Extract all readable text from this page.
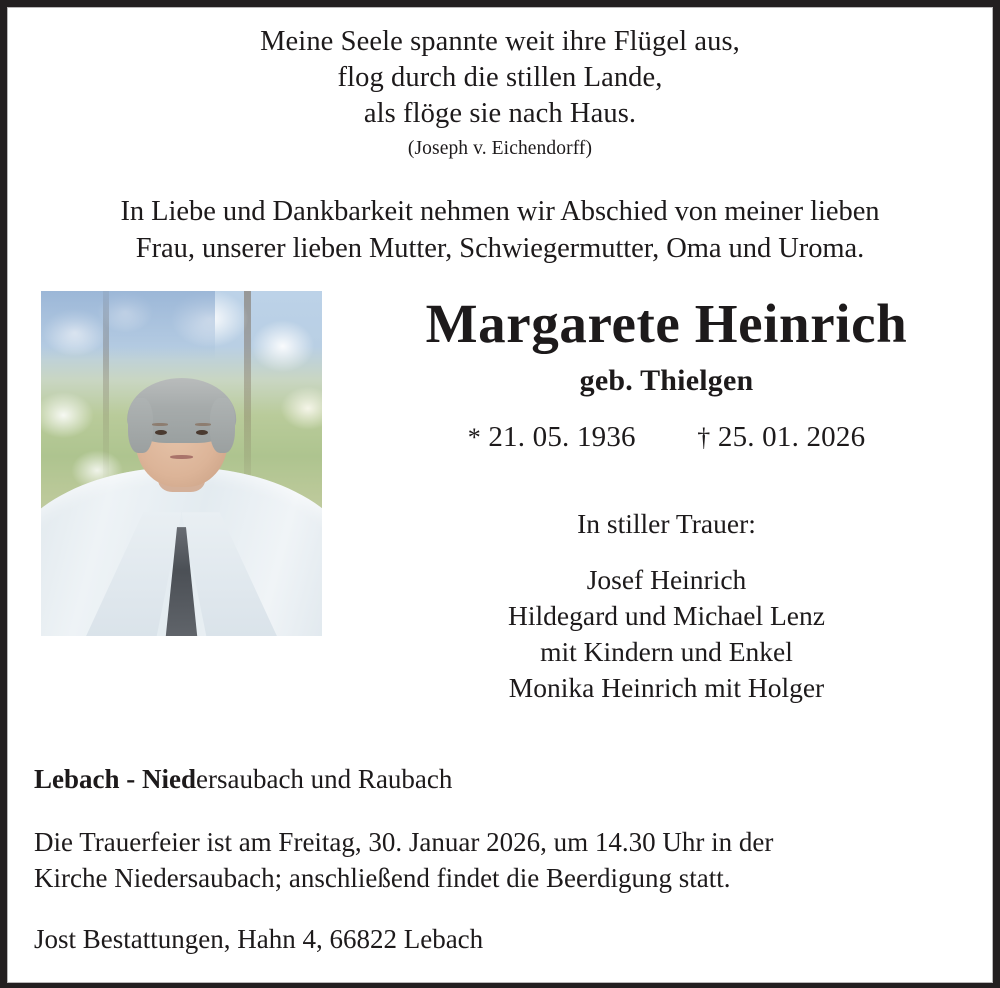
Meine Seele spannte weit ihre Flügel aus,
flog durch die stillen Lande,
als flöge sie nach Haus.
(Joseph v. Eichendorff)
In Liebe und Dankbarkeit nehmen wir Abschied von meiner lieben
Frau, unserer lieben Mutter, Schwiegermutter, Oma und Uroma.
Margarete Heinrich
geb. Thielgen
* 21. 05. 1936 † 25. 01. 2026
In stiller Trauer:
Josef Heinrich
Hildegard und Michael Lenz
mit Kindern und Enkel
Monika Heinrich mit Holger
Lebach - Niedersaubach und Raubach
Die Trauerfeier ist am Freitag, 30. Januar 2026, um 14.30 Uhr in der
Kirche Niedersaubach; anschließend findet die Beerdigung statt.
Jost Bestattungen, Hahn 4, 66822 Lebach
